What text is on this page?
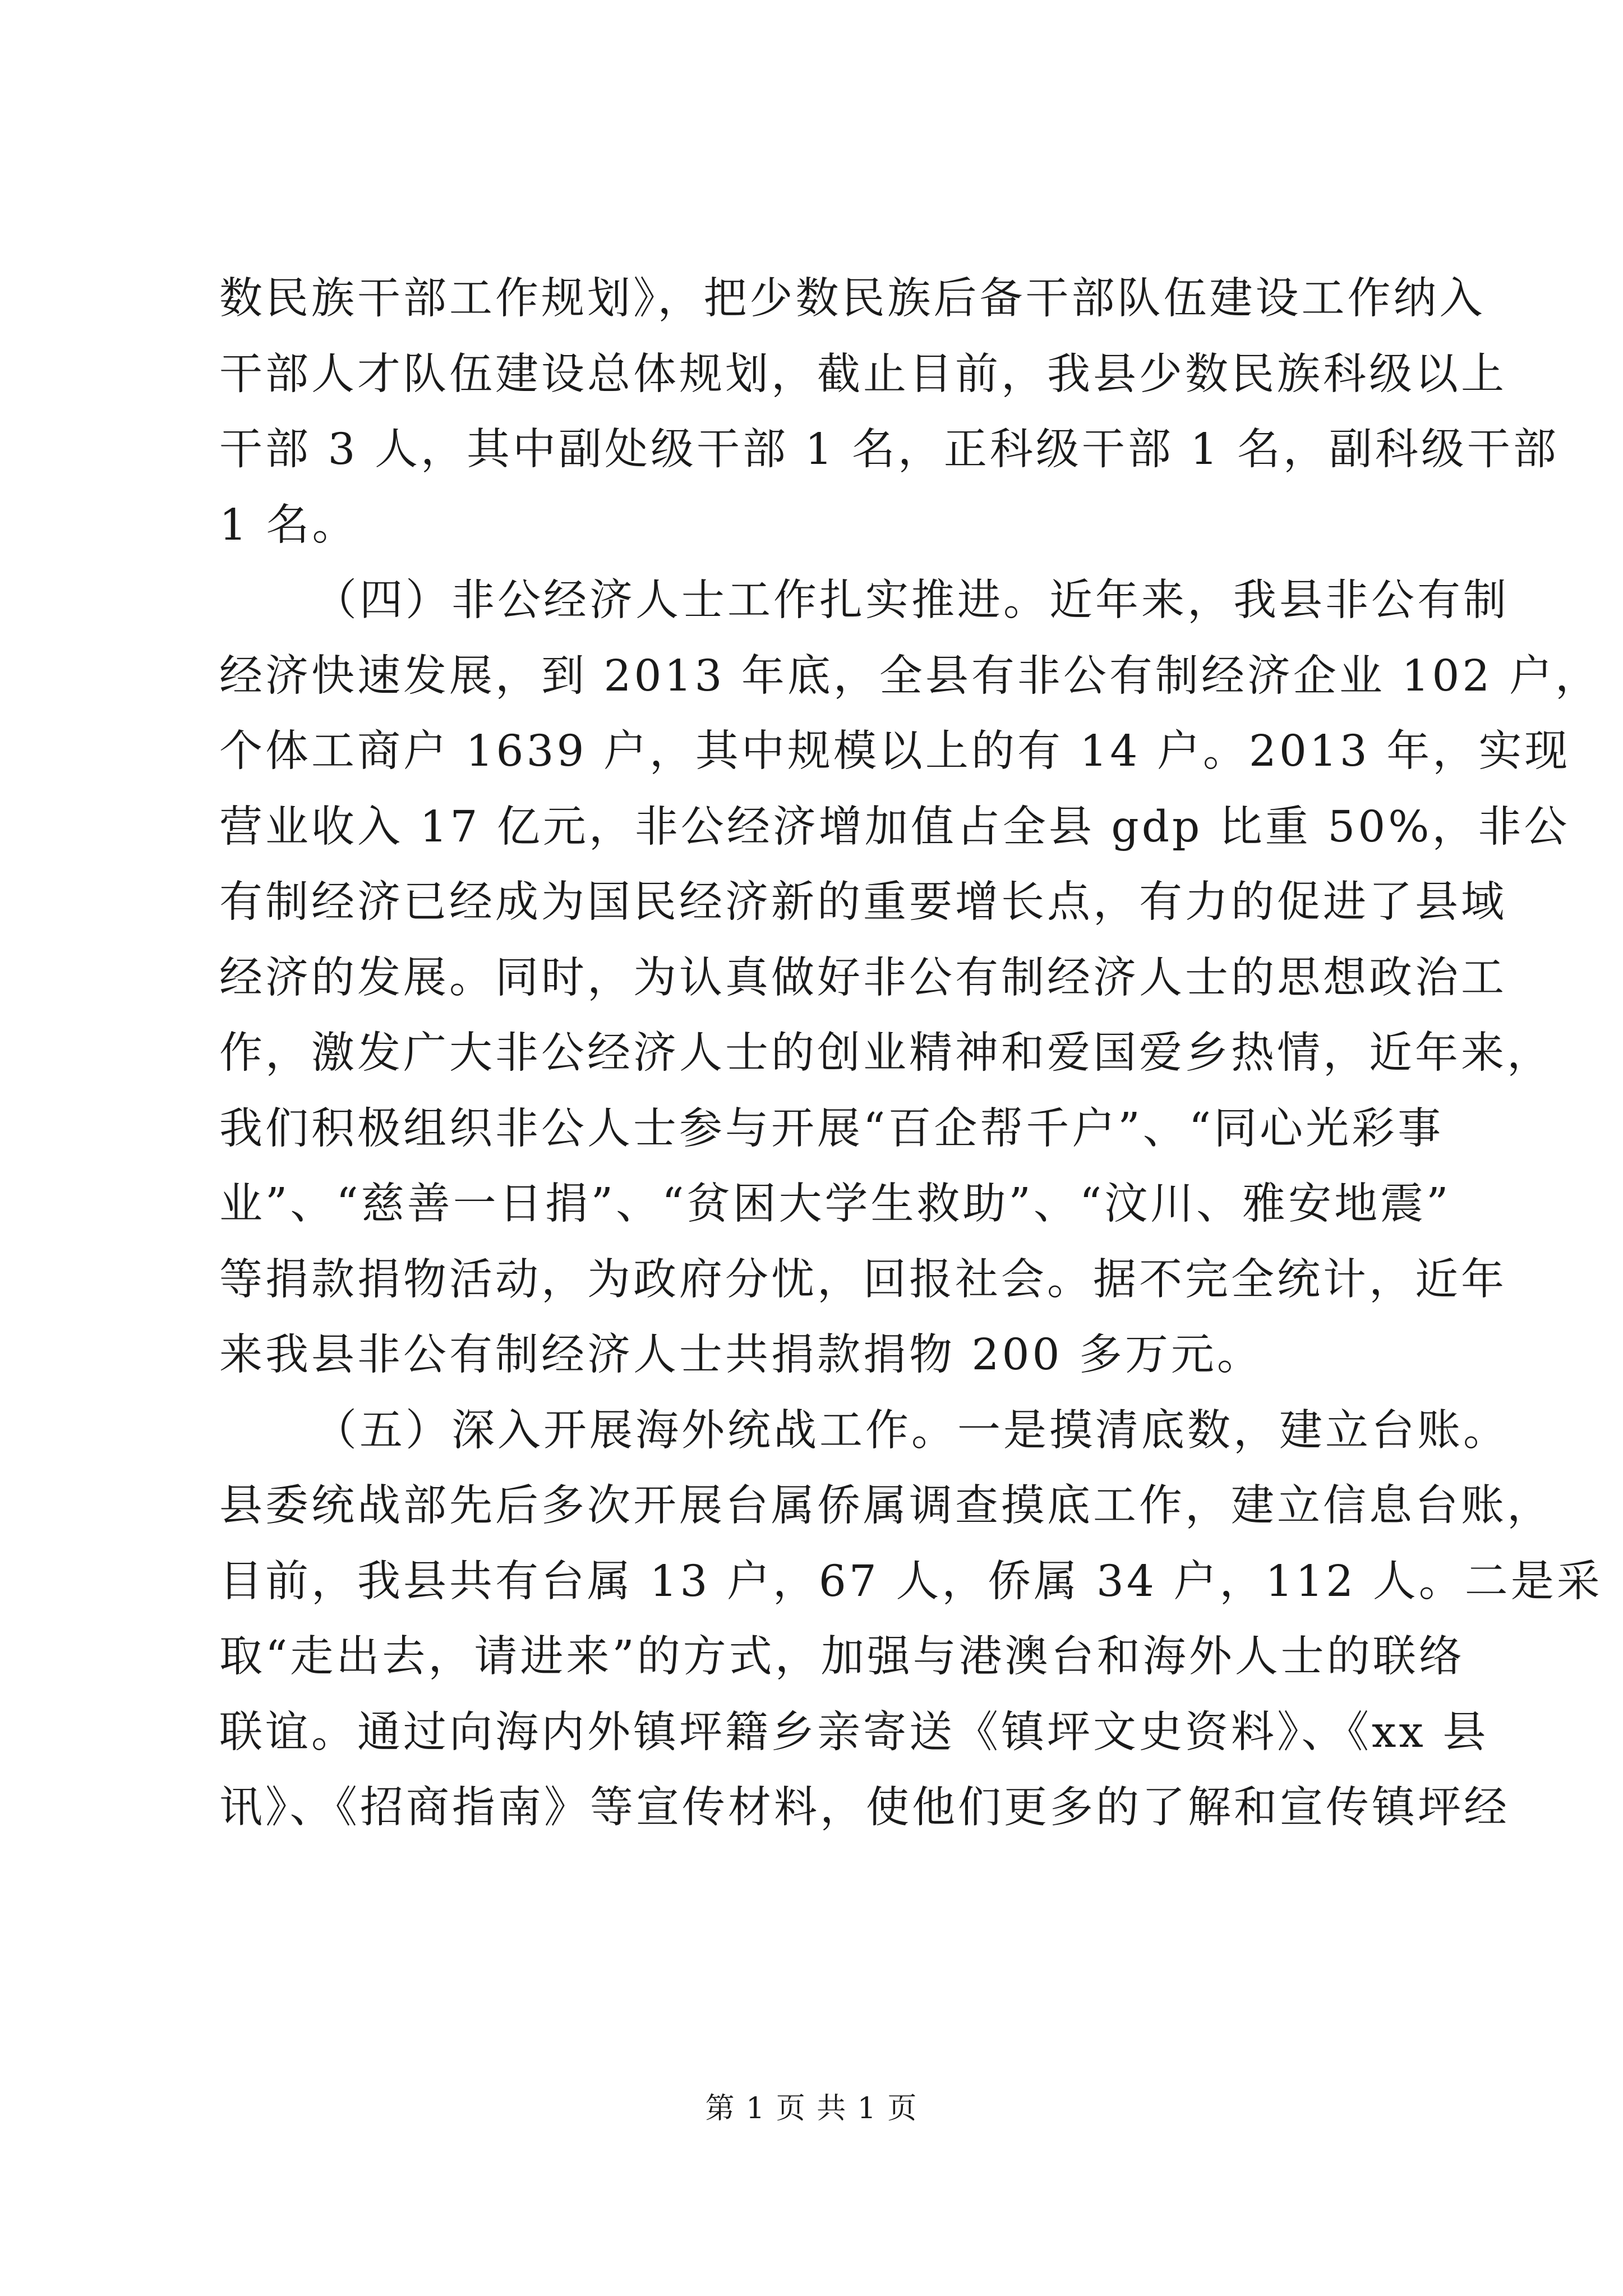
数民族干部工作规划》，把少数民族后备干部队伍建设工作纳入
干部人才队伍建设总体规划，截止目前，我县少数民族科级以上
干部 3 人，其中副处级干部 1 名，正科级干部 1 名，副科级干部
1 名。
（四）非公经济人士工作扎实推进。近年来，我县非公有制
经济快速发展，到 2013 年底，全县有非公有制经济企业 102 户，
个体工商户 1639 户，其中规模以上的有 14 户。2013 年，实现
营业收入 17 亿元，非公经济增加值占全县 gdp 比重 50%，非公
有制经济已经成为国民经济新的重要增长点，有力的促进了县域
经济的发展。同时，为认真做好非公有制经济人士的思想政治工
作，激发广大非公经济人士的创业精神和爱国爱乡热情，近年来，
我们积极组织非公人士参与开展“百企帮千户”、“同心光彩事
业”、“慈善一日捐”、“贫困大学生救助”、“汶川、雅安地震”
等捐款捐物活动，为政府分忧，回报社会。据不完全统计，近年
来我县非公有制经济人士共捐款捐物 200 多万元。
（五）深入开展海外统战工作。一是摸清底数，建立台账。
县委统战部先后多次开展台属侨属调查摸底工作，建立信息台账，
目前，我县共有台属 13 户，67 人，侨属 34 户，112 人。二是采
取“走出去，请进来”的方式，加强与港澳台和海外人士的联络
联谊。通过向海内外镇坪籍乡亲寄送《镇坪文史资料》、《xx 县
讯》、《招商指南》等宣传材料，使他们更多的了解和宣传镇坪经
第 1 页 共 1 页
